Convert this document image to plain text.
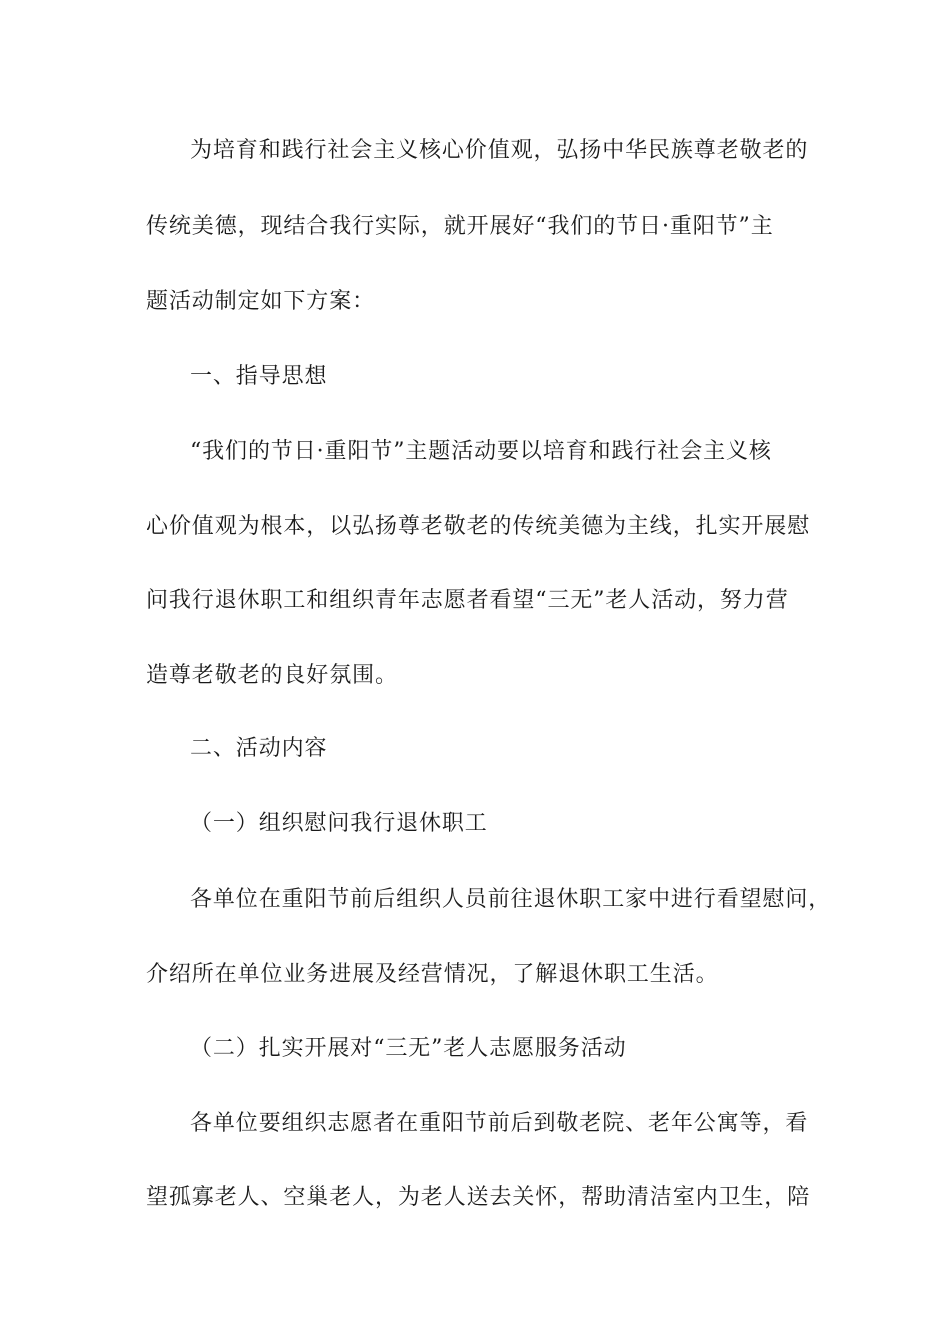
为培育和践行社会主义核心价值观，弘扬中华民族尊老敬老的
传统美德，现结合我行实际，就开展好“我们的节日·重阳节”主
题活动制定如下方案：
一、指导思想
“我们的节日·重阳节”主题活动要以培育和践行社会主义核
心价值观为根本，以弘扬尊老敬老的传统美德为主线，扎实开展慰
问我行退休职工和组织青年志愿者看望“三无”老人活动，努力营
造尊老敬老的良好氛围。
二、活动内容
（一）组织慰问我行退休职工
各单位在重阳节前后组织人员前往退休职工家中进行看望慰问，
介绍所在单位业务进展及经营情况，了解退休职工生活。
（二）扎实开展对“三无”老人志愿服务活动
各单位要组织志愿者在重阳节前后到敬老院、老年公寓等，看
望孤寡老人、空巢老人，为老人送去关怀，帮助清洁室内卫生，陪
